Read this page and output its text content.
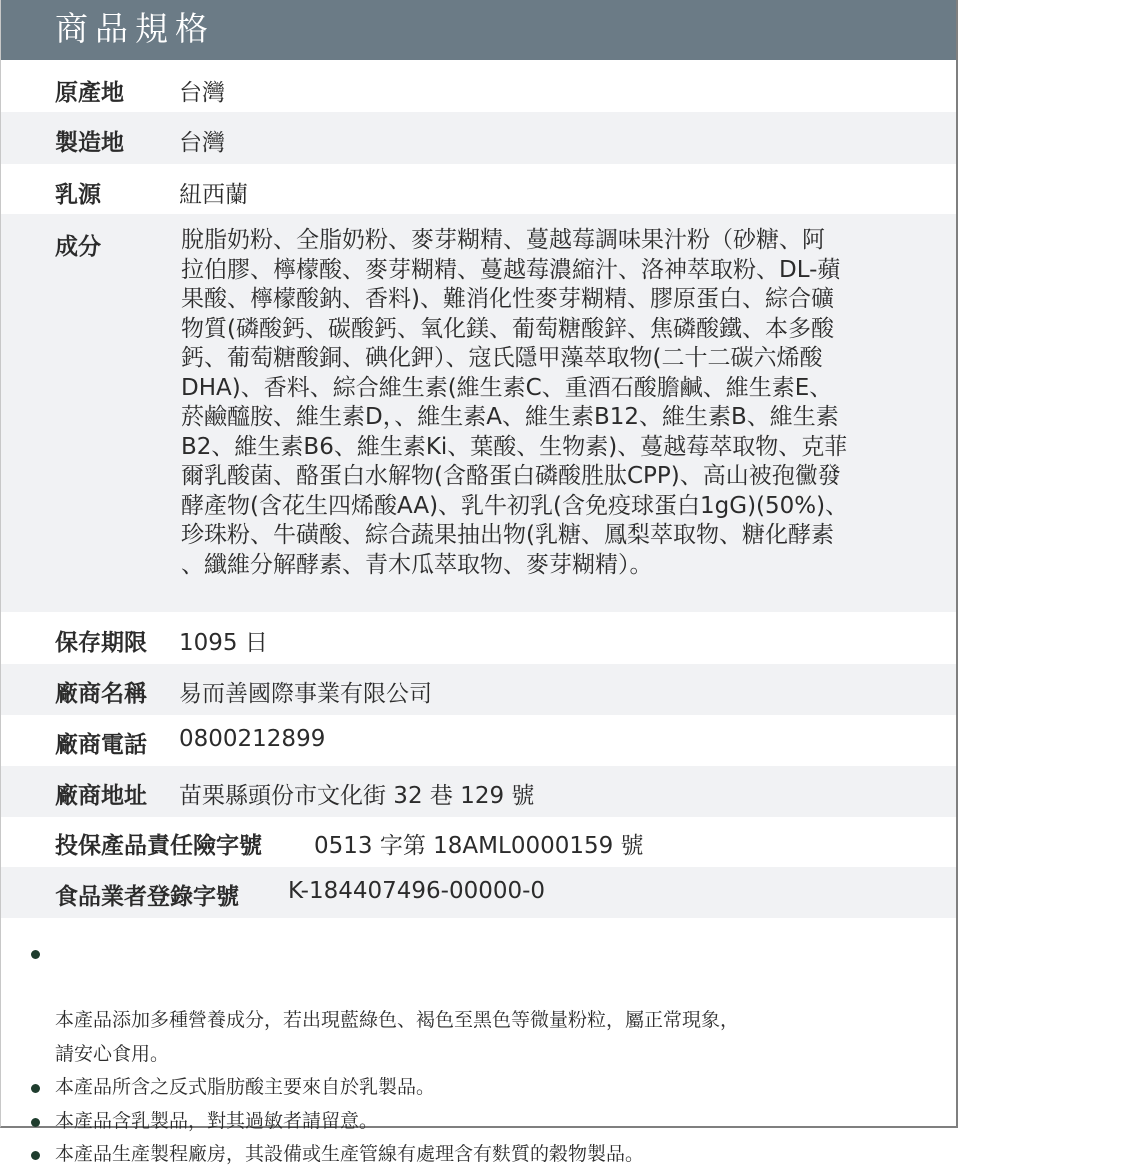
商品規格
原產地 台灣
製造地 台灣
乳源	紐西蘭
成分	脫脂奶粉、全脂奶粉、麥芽糊精、蔓越莓調味果汁粉（砂糖、阿
拉伯膠、檸檬酸、麥芽糊精、蔓越莓濃縮汁、洛神萃取粉、DL-蘋
果酸、檸檬酸鈉、香料)、難消化性麥芽糊精、膠原蛋白、綜合礦
物質(磷酸鈣、碳酸鈣、氧化鎂、葡萄糖酸鋅、焦磷酸鐵、本多酸
鈣、葡萄糖酸銅、碘化鉀）、寇氏隱甲藻萃取物(二十二碳六烯酸
DHA)、香料、綜合維生素(維生素C、重酒石酸膽鹹、維生素E、
菸鹼醯胺、維生素D，、維生素A、維生素B12、維生素B、維生素
B2、維生素B6、維生素Ki、葉酸、生物素)、蔓越莓萃取物、克菲
爾乳酸菌、酪蛋白水解物(含酪蛋白磷酸胜肽CPP)、高山被孢黴發
酵產物(含花生四烯酸AA)、乳牛初乳(含免疫球蛋白1gG)(50%)、
珍珠粉、牛磺酸、綜合蔬果抽出物(乳糖、鳳梨萃取物、糖化酵素
、纖維分解酵素、青木瓜萃取物、麥芽糊精）。
保存期限 1095 日
廠商名稱 易而善國際事業有限公司
廠商電話 0800212899
廠商地址 苗栗縣頭份市文化街 32 巷 129 號
投保產品責任險字號 0513 字第 18AML0000159 號
食品業者登錄字號 K-184407496-00000-0

本產品添加多種營養成分，若出現藍綠色、褐色至黑色等微量粉粒，屬正常現象，
請安心食用。

本產品所含之反式脂肪酸主要來自於乳製品。
本產品含乳製品，對其過敏者請留意。
本產品生產製程廠房，其設備或生產管線有處理含有麩質的穀物製品。
